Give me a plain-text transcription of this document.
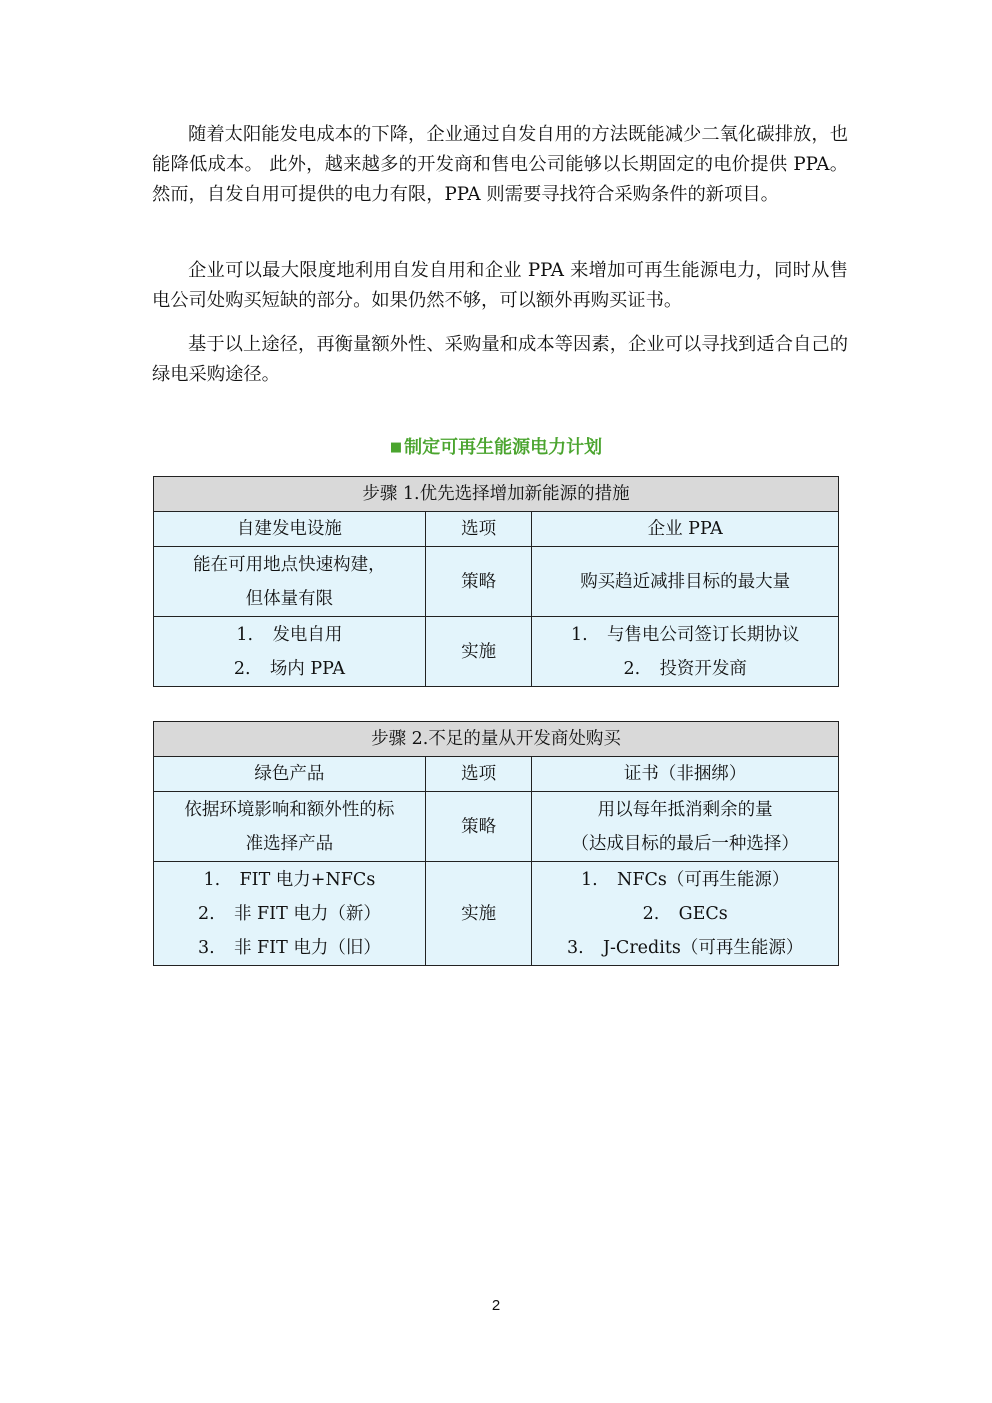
随着太阳能发电成本的下降，企业通过自发自用的方法既能减少二氧化碳排放，也能降低成本。 此外，越来越多的开发商和售电公司能够以长期固定的电价提供 PPA。然而，自发自用可提供的电力有限，PPA 则需要寻找符合采购条件的新项目。

企业可以最大限度地利用自发自用和企业 PPA 来增加可再生能源电力，同时从售电公司处购买短缺的部分。如果仍然不够，可以额外再购买证书。

基于以上途径，再衡量额外性、采购量和成本等因素，企业可以寻找到适合自己的绿电采购途径。

■ 制定可再生能源电力计划
步骤 1.优先选择增加新能源的措施		
自建发电设施	选项	企业 PPA

能在可用地点快速构建，
但体量有限	策略	购买趋近减排目标的最大量

1. 发电自用
2. 场内 PPA	实施	1. 与售电公司签订长期协议
2. 投资开发商
步骤 2.不足的量从开发商处购买		
绿色产品	选项	证书（非捆绑）

依据环境影响和额外性的标
准选择产品	策略	用以每年抵消剩余的量
（达成目标的最后一种选择）

1. FIT 电力+NFCs
2. 非 FIT 电力（新）
3. 非 FIT 电力（旧）	实施	1. NFCs（可再生能源）
2. GECs
3. J-Credits（可再生能源）
2
